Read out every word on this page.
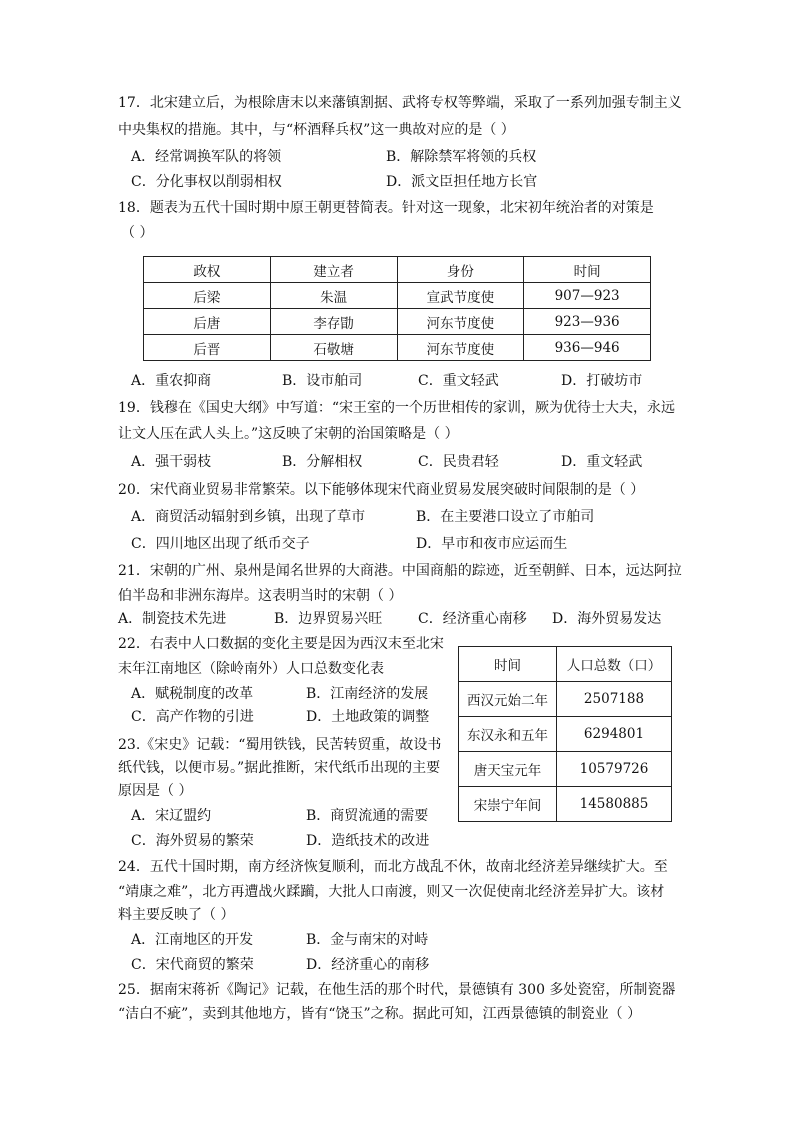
17．北宋建立后，为根除唐末以来藩镇割据、武将专权等弊端，采取了一系列加强专制主义
中央集权的措施。其中，与“杯酒释兵权”这一典故对应的是（ ）
A．经常调换军队的将领	B．解除禁军将领的兵权
C．分化事权以削弱相权	D．派文臣担任地方长官
18．题表为五代十国时期中原王朝更替简表。针对这一现象，北宋初年统治者的对策是
（ ）
政权	建立者	身份	时间
后梁	朱温	宣武节度使	907—923
后唐	李存勖	河东节度使	923—936
后晋	石敬塘	河东节度使	936—946
A．重农抑商	B．设市舶司	C．重文轻武	D．打破坊市
19．钱穆在《国史大纲》中写道：“宋王室的一个历世相传的家训，厥为优待士大夫，永远
让文人压在武人头上。”这反映了宋朝的治国策略是（ ）
A．强干弱枝	B．分解相权	C．民贵君轻	D．重文轻武
20．宋代商业贸易非常繁荣。以下能够体现宋代商业贸易发展突破时间限制的是（ ）
A．商贸活动辐射到乡镇，出现了草市	B．在主要港口设立了市舶司
C．四川地区出现了纸币交子	D．早市和夜市应运而生
21．宋朝的广州、泉州是闻名世界的大商港。中国商船的踪迹，近至朝鲜、日本，远达阿拉
伯半岛和非洲东海岸。这表明当时的宋朝（ ）
A．制瓷技术先进	B．边界贸易兴旺	C．经济重心南移 D．海外贸易发达
22．右表中人口数据的变化主要是因为西汉末至北宋
末年江南地区（除岭南外）人口总数变化表
A．赋税制度的改革	B．江南经济的发展
C．高产作物的引进	D．土地政策的调整
时间	人口总数（口）
西汉元始二年	2507188
东汉永和五年	6294801
唐天宝元年	10579726
宋崇宁年间	14580885
23.《宋史》记载：“蜀用铁钱，民苦转贸重，故设书
纸代钱，以便市易。”据此推断，宋代纸币出现的主要
原因是（ ）
A．宋辽盟约	B．商贸流通的需要
C．海外贸易的繁荣	D．造纸技术的改进
24．五代十国时期，南方经济恢复顺利，而北方战乱不休，故南北经济差异继续扩大。至
“靖康之难”，北方再遭战火蹂躏，大批人口南渡，则又一次促使南北经济差异扩大。该材
料主要反映了（ ）
A．江南地区的开发	B．金与南宋的对峙
C．宋代商贸的繁荣	D．经济重心的南移
25．据南宋蒋祈《陶记》记载，在他生活的那个时代，景德镇有 300 多处瓷窑，所制瓷器
“洁白不疵”，卖到其他地方，皆有“饶玉”之称。据此可知，江西景德镇的制瓷业（ ）
